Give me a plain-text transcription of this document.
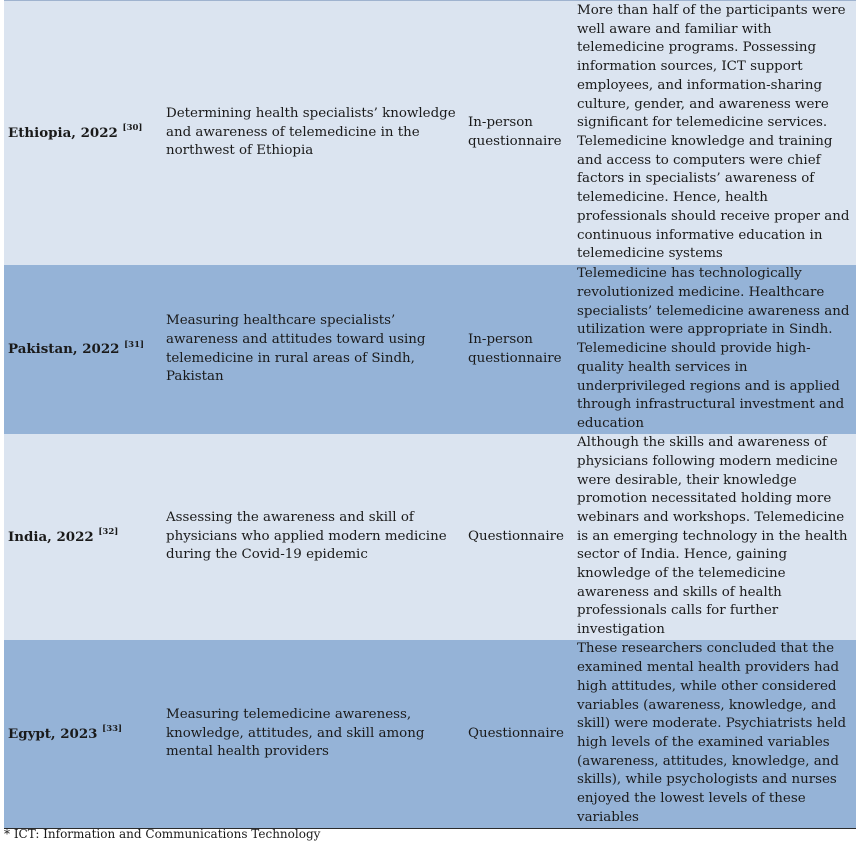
Ethiopia, 2022 [30]
Determining health specialists’ knowledge and awareness of telemedicine in the northwest of Ethiopia
In-person questionnaire
More than half of the participants were well aware and familiar with telemedicine programs. Possessing information sources, ICT support employees, and information-sharing culture, gender, and awareness were significant for telemedicine services. Telemedicine knowledge and training and access to computers were chief factors in specialists’ awareness of telemedicine. Hence, health professionals should receive proper and continuous informative education in telemedicine systems
Pakistan, 2022 [31]
Measuring healthcare specialists’ awareness and attitudes toward using telemedicine in rural areas of Sindh, Pakistan
In-person questionnaire
Telemedicine has technologically revolutionized medicine. Healthcare specialists’ telemedicine awareness and utilization were appropriate in Sindh. Telemedicine should provide high-quality health services in underprivileged regions and is applied through infrastructural investment and education
India, 2022 [32]
Assessing the awareness and skill of physicians who applied modern medicine during the Covid-19 epidemic
Questionnaire
Although the skills and awareness of physicians following modern medicine were desirable, their knowledge promotion necessitated holding more webinars and workshops. Telemedicine is an emerging technology in the health sector of India. Hence, gaining knowledge of the telemedicine awareness and skills of health professionals calls for further investigation
Egypt, 2023 [33]
Measuring telemedicine awareness, knowledge, attitudes, and skill among mental health providers
Questionnaire
These researchers concluded that the examined mental health providers had high attitudes, while other considered variables (awareness, knowledge, and skill) were moderate. Psychiatrists held high levels of the examined variables (awareness, attitudes, knowledge, and skills), while psychologists and nurses enjoyed the lowest levels of these variables
* ICT: Information and Communications Technology
